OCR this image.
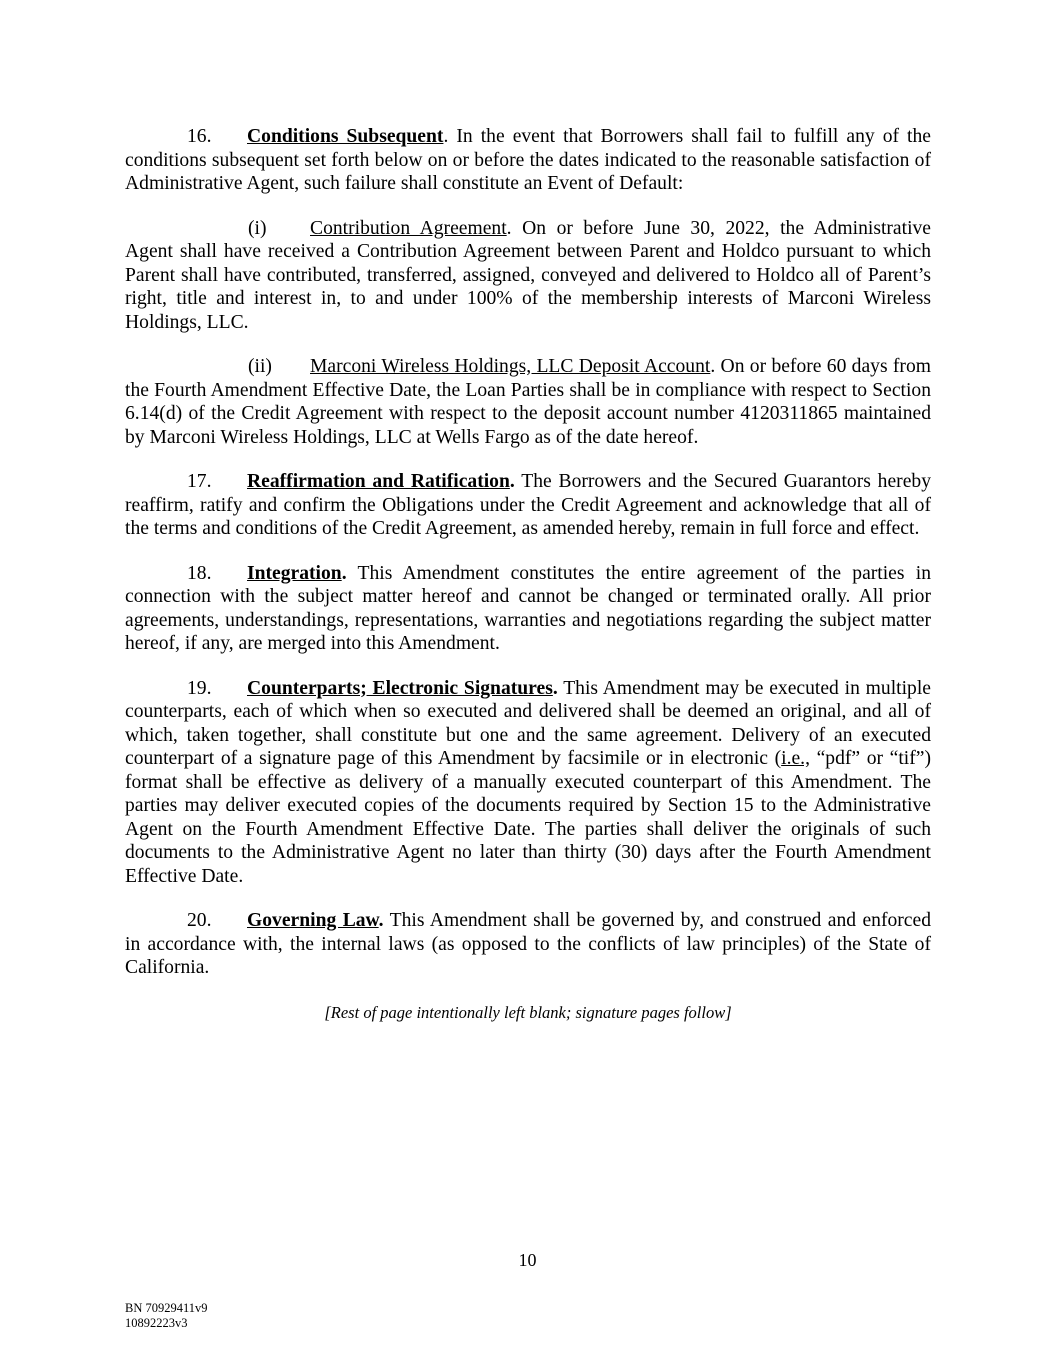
16. Conditions Subsequent. In the event that Borrowers shall fail to fulfill any of the conditions subsequent set forth below on or before the dates indicated to the reasonable satisfaction of Administrative Agent, such failure shall constitute an Event of Default:

(i) Contribution Agreement. On or before June 30, 2022, the Administrative Agent shall have received a Contribution Agreement between Parent and Holdco pursuant to which Parent shall have contributed, transferred, assigned, conveyed and delivered to Holdco all of Parent’s right, title and interest in, to and under 100% of the membership interests of Marconi Wireless Holdings, LLC.

(ii) Marconi Wireless Holdings, LLC Deposit Account. On or before 60 days from the Fourth Amendment Effective Date, the Loan Parties shall be in compliance with respect to Section 6.14(d) of the Credit Agreement with respect to the deposit account number 4120311865 maintained by Marconi Wireless Holdings, LLC at Wells Fargo as of the date hereof.

17. Reaffirmation and Ratification. The Borrowers and the Secured Guarantors hereby reaffirm, ratify and confirm the Obligations under the Credit Agreement and acknowledge that all of the terms and conditions of the Credit Agreement, as amended hereby, remain in full force and effect.

18. Integration. This Amendment constitutes the entire agreement of the parties in connection with the subject matter hereof and cannot be changed or terminated orally. All prior agreements, understandings, representations, warranties and negotiations regarding the subject matter hereof, if any, are merged into this Amendment.

19. Counterparts; Electronic Signatures. This Amendment may be executed in multiple counterparts, each of which when so executed and delivered shall be deemed an original, and all of which, taken together, shall constitute but one and the same agreement. Delivery of an executed counterpart of a signature page of this Amendment by facsimile or in electronic (i.e., “pdf” or “tif”) format shall be effective as delivery of a manually executed counterpart of this Amendment. The parties may deliver executed copies of the documents required by Section 15 to the Administrative Agent on the Fourth Amendment Effective Date. The parties shall deliver the originals of such documents to the Administrative Agent no later than thirty (30) days after the Fourth Amendment Effective Date.

20. Governing Law. This Amendment shall be governed by, and construed and enforced in accordance with, the internal laws (as opposed to the conflicts of law principles) of the State of California.

[Rest of page intentionally left blank; signature pages follow]

10
BN 70929411v9
10892223v3
